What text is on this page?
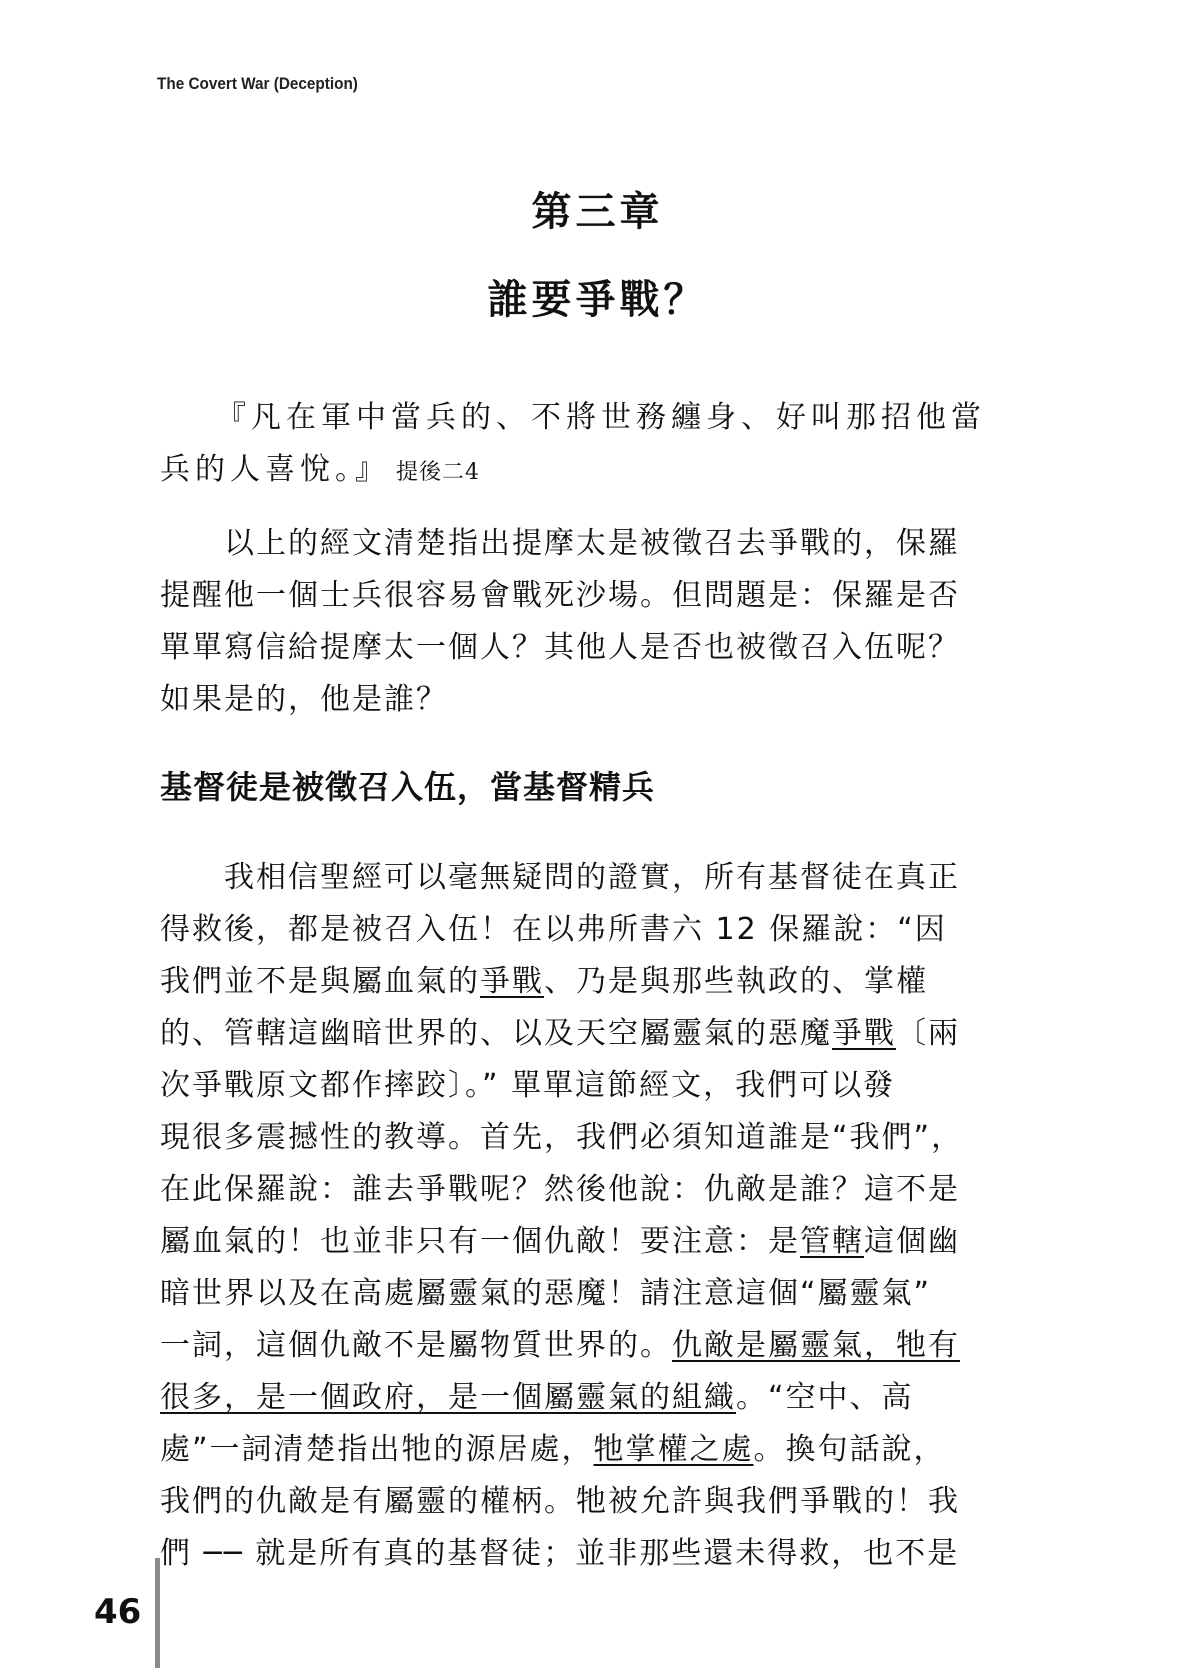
The Covert War (Deception)
第三章
誰要爭戰？
『凡在軍中當兵的、不將世務纏身、好叫那招他當
兵的人喜悅。』 提後二4
以上的經文清楚指出提摩太是被徵召去爭戰的，保羅
提醒他一個士兵很容易會戰死沙場。但問題是：保羅是否
單單寫信給提摩太一個人？其他人是否也被徵召入伍呢？
如果是的，他是誰？
基督徒是被徵召入伍，當基督精兵
我相信聖經可以毫無疑問的證實，所有基督徒在真正
得救後，都是被召入伍！在以弗所書六 12 保羅說：“因
我們並不是與屬血氣的爭戰、乃是與那些執政的、掌權
的、管轄這幽暗世界的、以及天空屬靈氣的惡魔爭戰〔兩
次爭戰原文都作摔跤〕。” 單單這節經文，我們可以發
現很多震撼性的教導。首先，我們必須知道誰是“我們”，
在此保羅說：誰去爭戰呢？然後他說：仇敵是誰？這不是
屬血氣的！也並非只有一個仇敵！要注意：是管轄這個幽
暗世界以及在高處屬靈氣的惡魔！請注意這個“屬靈氣”
一詞，這個仇敵不是屬物質世界的。仇敵是屬靈氣，牠有
很多，是一個政府，是一個屬靈氣的組織。“空中、高
處”一詞清楚指出牠的源居處，牠掌權之處。換句話說，
我們的仇敵是有屬靈的權柄。牠被允許與我們爭戰的！我
們 ── 就是所有真的基督徒；並非那些還未得救，也不是
46
